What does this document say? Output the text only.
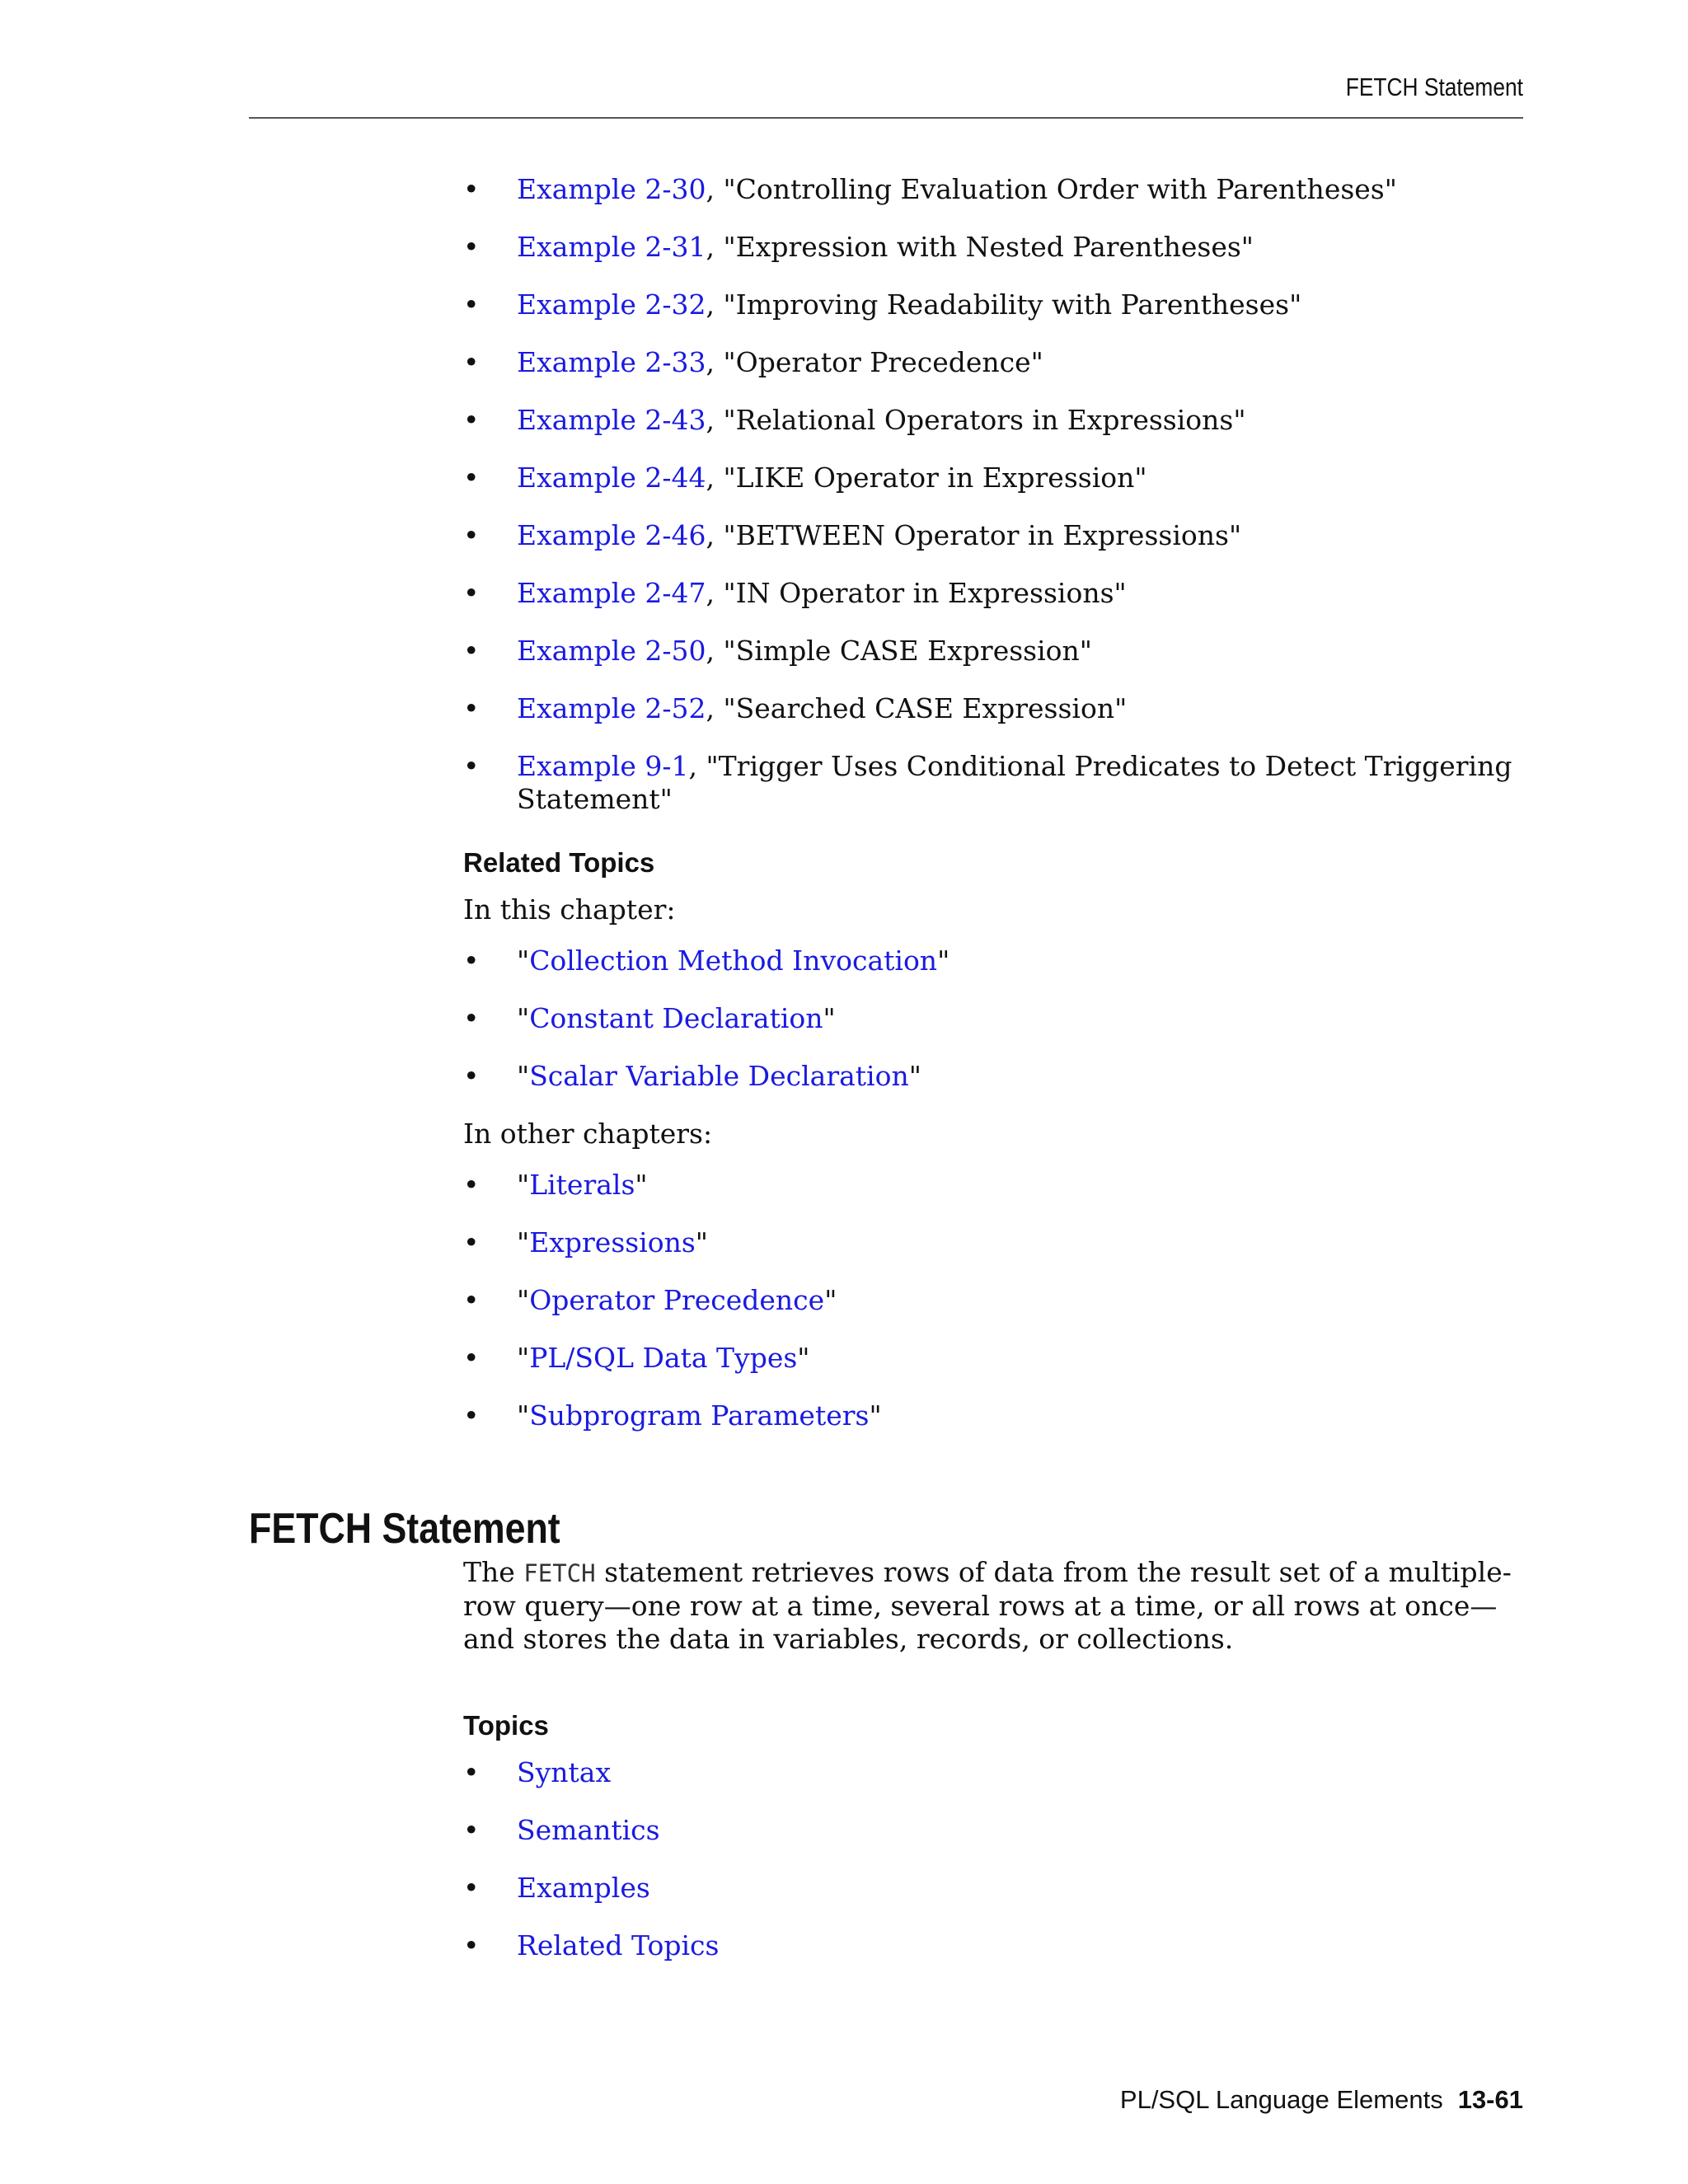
FETCH Statement
• Example 2-30, "Controlling Evaluation Order with Parentheses"
• Example 2-31, "Expression with Nested Parentheses"
• Example 2-32, "Improving Readability with Parentheses"
• Example 2-33, "Operator Precedence"
• Example 2-43, "Relational Operators in Expressions"
• Example 2-44, "LIKE Operator in Expression"
• Example 2-46, "BETWEEN Operator in Expressions"
• Example 2-47, "IN Operator in Expressions"
• Example 2-50, "Simple CASE Expression"
• Example 2-52, "Searched CASE Expression"
• Example 9-1, "Trigger Uses Conditional Predicates to Detect Triggering Statement"
Related Topics

In this chapter:

• "Collection Method Invocation"
• "Constant Declaration"
• "Scalar Variable Declaration"

In other chapters:

• "Literals"
• "Expressions"
• "Operator Precedence"
• "PL/SQL Data Types"
• "Subprogram Parameters"
FETCH Statement
The FETCH statement retrieves rows of data from the result set of a multiple-row query—one row at a time, several rows at a time, or all rows at once—and stores the data in variables, records, or collections.
Topics
• Syntax
• Semantics
• Examples
• Related Topics
PL/SQL Language Elements 13-61
